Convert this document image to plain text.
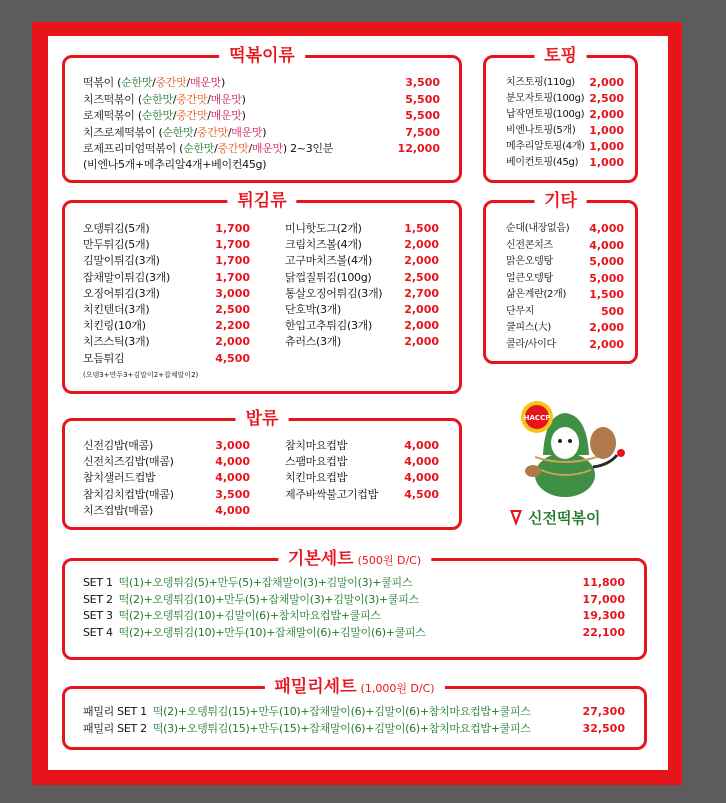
떡볶이류	토핑
튀김류	기타
밥류	HACCP
신전떡볶이
기본세트 (500원 D/C)
패밀리세트 (1,000원 D/C)
떡볶이 (순한맛/중간맛/매운맛)	3,500
치즈떡볶이 (순한맛/중간맛/매운맛)	5,500
로제떡볶이 (순한맛/중간맛/매운맛)	5,500
치즈로제떡볶이 (순한맛/중간맛/매운맛)	7,500
로제프리미엄떡볶이 (순한맛/중간맛/매운맛) 2~3인분	12,000
(비엔나5개+메추리알4개+베이컨45g)
치즈토핑(110g)	2,000
분모자토핑(100g) 2,500
납작면토핑(100g) 2,000
비엔나토핑(5개)	1,000
메추리알토핑(4개) 1,000
베이컨토핑(45g)	1,000
오뎅튀김(5개)	1,700
만두튀김(5개)	1,700
김말이튀김(3개)	1,700
잡채말이튀김(3개)	1,700
오징어튀김(3개)	3,000
치킨텐더(3개)	2,500
치킨링(10개)	2,200
치즈스틱(3개)	2,000
모듬튀김	4,500
(오뎅3+만두3+김말이2+잡채말이2)
미니핫도그(2개)	1,500
크림치즈볼(4개)	2,000
고구마치즈볼(4개)	2,000
닭껍질튀김(100g)	2,500
통살오징어튀김(3개)	2,700
단호박(3개)	2,000
한입고추튀김(3개)	2,000
츄러스(3개)	2,000
순대(내장없음)	4,000
신전콘치즈	4,000
맑은오뎅탕	5,000
얼큰오뎅탕	5,000
삶은계란(2개)	1,500
단무지	500
쿨피스(大)	2,000
콜라/사이다	2,000
신전김밥(매콤)	3,000
신전치즈김밥(매콤)	4,000
참치샐러드컵밥	4,000
참치김치컵밥(매콤)	3,500
치즈컵밥(매콤)	4,000
참치마요컵밥	4,000
스팸마요컵밥	4,000
치킨마요컵밥	4,000
제주바싹불고기컵밥	4,500
SET 1 떡(1)+오뎅튀김(5)+만두(5)+잡채말이(3)+김말이(3)+쿨피스	11,800
SET 2 떡(2)+오뎅튀김(10)+만두(5)+잡채말이(3)+김말이(3)+쿨피스	17,000
SET 3 떡(2)+오뎅튀김(10)+김말이(6)+참치마요컵밥+쿨피스	19,300
SET 4 떡(2)+오뎅튀김(10)+만두(10)+잡채말이(6)+김말이(6)+쿨피스	22,100
패밀리 SET 1 떡(2)+오뎅튀김(15)+만두(10)+잡채말이(6)+김말이(6)+참치마요컵밥+쿨피스	27,300
패밀리 SET 2 떡(3)+오뎅튀김(15)+만두(15)+잡채말이(6)+김말이(6)+참치마요컵밥+쿨피스	32,500
